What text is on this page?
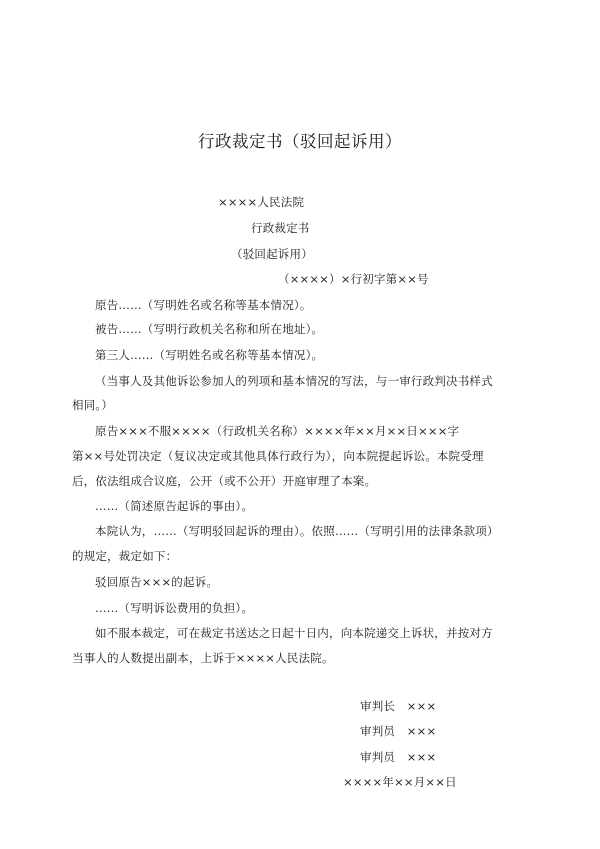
行政裁定书（驳回起诉用）
××××人民法院
行政裁定书
（驳回起诉用）
（××××）×行初字第××号
原告……（写明姓名或名称等基本情况）。
被告……（写明行政机关名称和所在地址）。
第三人……（写明姓名或名称等基本情况）。
（当事人及其他诉讼参加人的列项和基本情况的写法，与一审行政判决书样式
相同。）
原告×××不服××××（行政机关名称）××××年××月××日×××字
第××号处罚决定（复议决定或其他具体行政行为），向本院提起诉讼。本院受理
后，依法组成合议庭，公开（或不公开）开庭审理了本案。
……（简述原告起诉的事由）。
本院认为，……（写明驳回起诉的理由）。依照……（写明引用的法律条款项）
的规定，裁定如下：
驳回原告×××的起诉。
……（写明诉讼费用的负担）。
如不服本裁定，可在裁定书送达之日起十日内，向本院递交上诉状，并按对方
当事人的人数提出副本，上诉于××××人民法院。
审判长　×××
审判员　×××
审判员　×××
××××年××月××日
